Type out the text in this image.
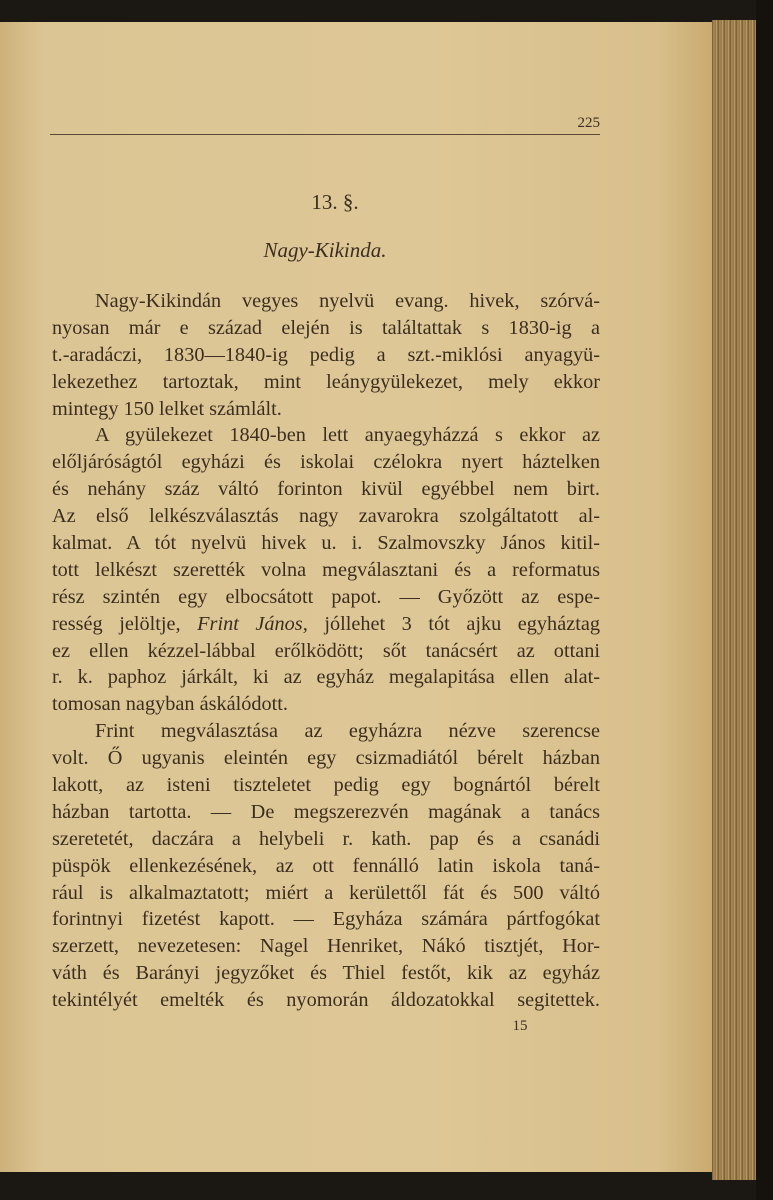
225
13. §.
Nagy-Kikinda.
Nagy-Kikindán vegyes nyelvü evang. hivek, szórvá-
nyosan már e század elején is találtattak s 1830-ig a
t.-aradáczi, 1830—1840-ig pedig a szt.-miklósi anyagyü-
lekezethez tartoztak, mint leánygyülekezet, mely ekkor
mintegy 150 lelket számlált.
A gyülekezet 1840-ben lett anyaegyházzá s ekkor az
előljáróságtól egyházi és iskolai czélokra nyert háztelken
és nehány száz váltó forinton kivül egyébbel nem birt.
Az első lelkészválasztás nagy zavarokra szolgáltatott al-
kalmat. A tót nyelvü hivek u. i. Szalmovszky János kitil-
tott lelkészt szerették volna megválasztani és a reformatus
rész szintén egy elbocsátott papot. — Győzött az espe-
resség jelöltje, Frint János, jóllehet 3 tót ajku egyháztag
ez ellen kézzel-lábbal erőlködött; sőt tanácsért az ottani
r. k. paphoz járkált, ki az egyház megalapitása ellen alat-
tomosan nagyban áskálódott.
Frint megválasztása az egyházra nézve szerencse
volt. Ő ugyanis eleintén egy csizmadiától bérelt házban
lakott, az isteni tiszteletet pedig egy bognártól bérelt
házban tartotta. — De megszerezvén magának a tanács
szeretetét, daczára a helybeli r. kath. pap és a csanádi
püspök ellenkezésének, az ott fennálló latin iskola taná-
rául is alkalmaztatott; miért a kerülettől fát és 500 váltó
forintnyi fizetést kapott. — Egyháza számára pártfogókat
szerzett, nevezetesen: Nagel Henriket, Nákó tisztjét, Hor-
váth és Barányi jegyzőket és Thiel festőt, kik az egyház
tekintélyét emelték és nyomorán áldozatokkal segitettek.
15
